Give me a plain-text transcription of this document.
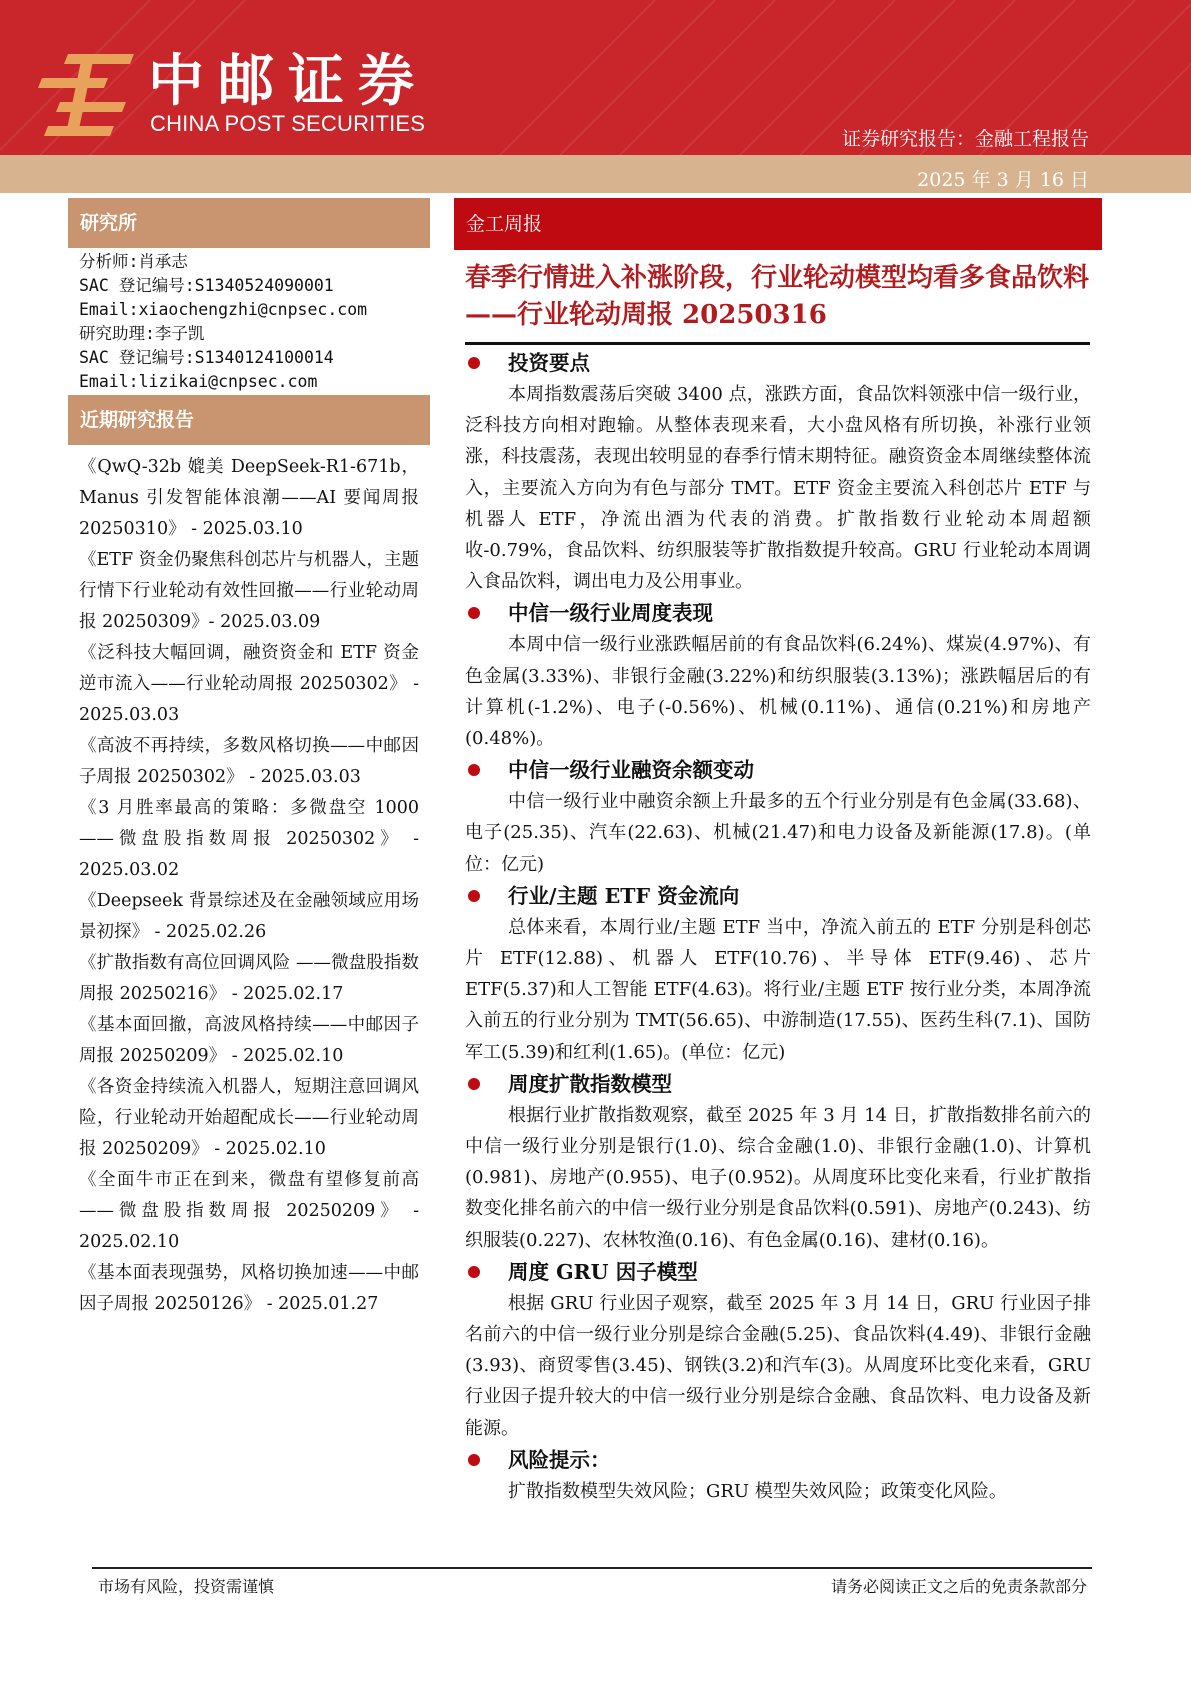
中邮证券
CHINA POST SECURITIES
证券研究报告：金融工程报告
2025 年 3 月 16 日
研究所
分析师:肖承志
SAC 登记编号:S1340524090001
Email:xiaochengzhi@cnpsec.com
研究助理:李子凯
SAC 登记编号:S1340124100014
Email:lizikai@cnpsec.com
近期研究报告

《QwQ-32b 媲美 DeepSeek-R1-671b，Manus 引发智能体浪潮——AI 要闻周报 20250310》 - 2025.03.10

《ETF 资金仍聚焦科创芯片与机器人，主题行情下行业轮动有效性回撤——行业轮动周报 20250309》- 2025.03.09

《泛科技大幅回调，融资资金和 ETF 资金逆市流入——行业轮动周报 20250302》 - 2025.03.03

《高波不再持续，多数风格切换——中邮因子周报 20250302》 - 2025.03.03

《3 月胜率最高的策略：多微盘空 1000——微盘股指数周报 20250302》 - 2025.03.02

《Deepseek 背景综述及在金融领域应用场景初探》 - 2025.02.26

《扩散指数有高位回调风险 ——微盘股指数周报 20250216》 - 2025.02.17

《基本面回撤，高波风格持续——中邮因子周报 20250209》 - 2025.02.10

《各资金持续流入机器人，短期注意回调风险，行业轮动开始超配成长——行业轮动周报 20250209》 - 2025.02.10

《全面牛市正在到来，微盘有望修复前高 ——微盘股指数周报 20250209》 - 2025.02.10

《基本面表现强势，风格切换加速——中邮因子周报 20250126》 - 2025.01.27

金工周报
春季行情进入补涨阶段，行业轮动模型均看多食品饮料——行业轮动周报 20250316
投资要点

本周指数震荡后突破 3400 点，涨跌方面，食品饮料领涨中信一级行业，泛科技方向相对跑输。从整体表现来看，大小盘风格有所切换，补涨行业领涨，科技震荡，表现出较明显的春季行情末期特征。融资资金本周继续整体流入，主要流入方向为有色与部分 TMT。ETF 资金主要流入科创芯片 ETF 与机器人 ETF，净流出酒为代表的消费。扩散指数行业轮动本周超额收-0.79%，食品饮料、纺织服装等扩散指数提升较高。GRU 行业轮动本周调入食品饮料，调出电力及公用事业。

中信一级行业周度表现

本周中信一级行业涨跌幅居前的有食品饮料(6.24%)、煤炭(4.97%)、有色金属(3.33%)、非银行金融(3.22%)和纺织服装(3.13%)；涨跌幅居后的有计算机(-1.2%)、电子(-0.56%)、机械(0.11%)、通信(0.21%)和房地产(0.48%)。

中信一级行业融资余额变动

中信一级行业中融资余额上升最多的五个行业分别是有色金属(33.68)、电子(25.35)、汽车(22.63)、机械(21.47)和电力设备及新能源(17.8)。(单位：亿元)

行业/主题 ETF 资金流向

总体来看，本周行业/主题 ETF 当中，净流入前五的 ETF 分别是科创芯片 ETF(12.88)、机器人 ETF(10.76)、半导体 ETF(9.46)、芯片 ETF(5.37)和人工智能 ETF(4.63)。将行业/主题 ETF 按行业分类，本周净流入前五的行业分别为 TMT(56.65)、中游制造(17.55)、医药生科(7.1)、国防军工(5.39)和红利(1.65)。(单位：亿元)

周度扩散指数模型

根据行业扩散指数观察，截至 2025 年 3 月 14 日，扩散指数排名前六的中信一级行业分别是银行(1.0)、综合金融(1.0)、非银行金融(1.0)、计算机(0.981)、房地产(0.955)、电子(0.952)。从周度环比变化来看，行业扩散指数变化排名前六的中信一级行业分别是食品饮料(0.591)、房地产(0.243)、纺织服装(0.227)、农林牧渔(0.16)、有色金属(0.16)、建材(0.16)。

周度 GRU 因子模型

根据 GRU 行业因子观察，截至 2025 年 3 月 14 日，GRU 行业因子排名前六的中信一级行业分别是综合金融(5.25)、食品饮料(4.49)、非银行金融(3.93)、商贸零售(3.45)、钢铁(3.2)和汽车(3)。从周度环比变化来看，GRU 行业因子提升较大的中信一级行业分别是综合金融、食品饮料、电力设备及新能源。

风险提示：

扩散指数模型失效风险；GRU 模型失效风险；政策变化风险。

市场有风险，投资需谨慎	请务必阅读正文之后的免责条款部分
